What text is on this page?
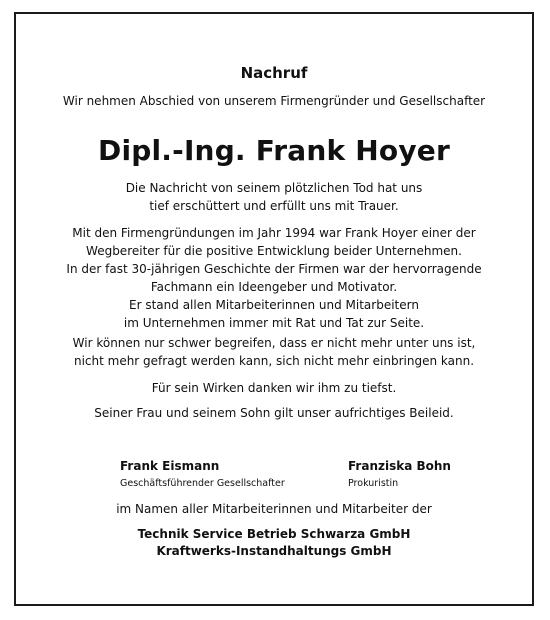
Nachruf
Wir nehmen Abschied von unserem Firmengründer und Gesellschafter
Dipl.-Ing. Frank Hoyer
Die Nachricht von seinem plötzlichen Tod hat uns
tief erschüttert und erfüllt uns mit Trauer.
Mit den Firmengründungen im Jahr 1994 war Frank Hoyer einer der
Wegbereiter für die positive Entwicklung beider Unternehmen.
In der fast 30-jährigen Geschichte der Firmen war der hervorragende
Fachmann ein Ideengeber und Motivator.
Er stand allen Mitarbeiterinnen und Mitarbeitern
im Unternehmen immer mit Rat und Tat zur Seite.
Wir können nur schwer begreifen, dass er nicht mehr unter uns ist,
nicht mehr gefragt werden kann, sich nicht mehr einbringen kann.
Für sein Wirken danken wir ihm zu tiefst.
Seiner Frau und seinem Sohn gilt unser aufrichtiges Beileid.
Frank Eismann
Geschäftsführender Gesellschafter
Franziska Bohn
Prokuristin
im Namen aller Mitarbeiterinnen und Mitarbeiter der
Technik Service Betrieb Schwarza GmbH
Kraftwerks-Instandhaltungs GmbH
